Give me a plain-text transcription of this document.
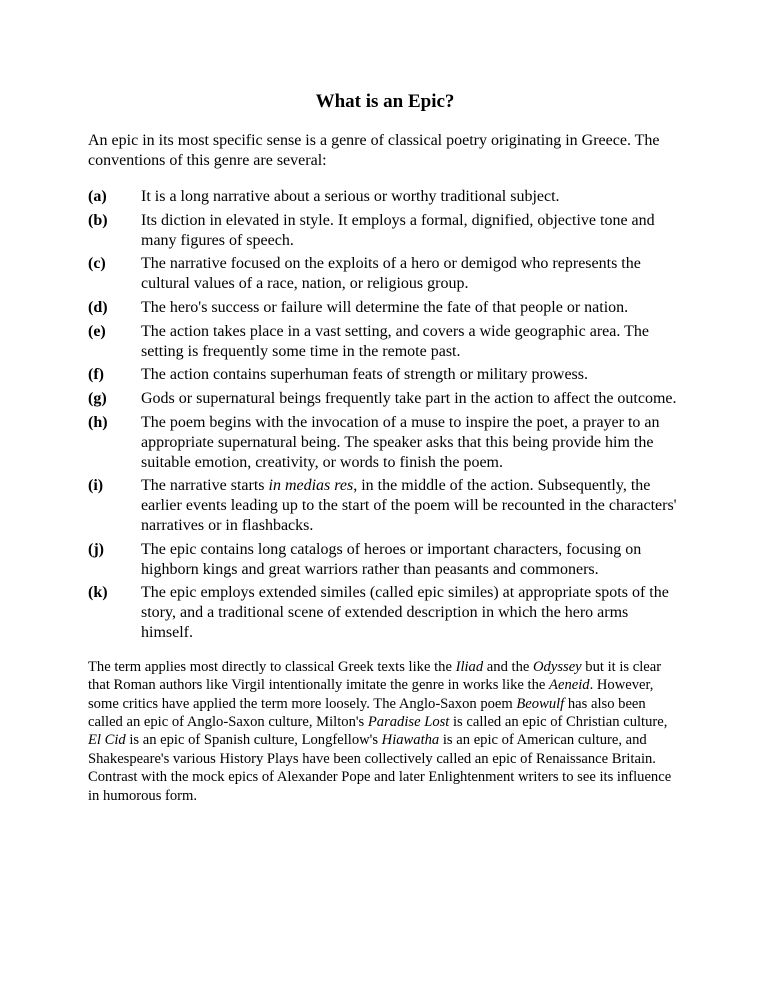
What is an Epic?

An epic in its most specific sense is a genre of classical poetry originating in Greece. The conventions of this genre are several:

(a)	It is a long narrative about a serious or worthy traditional subject.
(b)	Its diction in elevated in style. It employs a formal, dignified, objective tone and many figures of speech.
(c)	The narrative focused on the exploits of a hero or demigod who represents the cultural values of a race, nation, or religious group.
(d)	The hero's success or failure will determine the fate of that people or nation.
(e)	The action takes place in a vast setting, and covers a wide geographic area. The setting is frequently some time in the remote past.
(f)	The action contains superhuman feats of strength or military prowess.
(g)	Gods or supernatural beings frequently take part in the action to affect the outcome.
(h)	The poem begins with the invocation of a muse to inspire the poet, a prayer to an appropriate supernatural being. The speaker asks that this being provide him the suitable emotion, creativity, or words to finish the poem.
(i)	The narrative starts in medias res, in the middle of the action. Subsequently, the earlier events leading up to the start of the poem will be recounted in the characters' narratives or in flashbacks.
(j)	The epic contains long catalogs of heroes or important characters, focusing on highborn kings and great warriors rather than peasants and commoners.
(k)	The epic employs extended similes (called epic similes) at appropriate spots of the story, and a traditional scene of extended description in which the hero arms himself.

The term applies most directly to classical Greek texts like the Iliad and the Odyssey but it is clear that Roman authors like Virgil intentionally imitate the genre in works like the Aeneid. However, some critics have applied the term more loosely. The Anglo-Saxon poem Beowulf has also been called an epic of Anglo-Saxon culture, Milton's Paradise Lost is called an epic of Christian culture, El Cid is an epic of Spanish culture, Longfellow's Hiawatha is an epic of American culture, and Shakespeare's various History Plays have been collectively called an epic of Renaissance Britain. Contrast with the mock epics of Alexander Pope and later Enlightenment writers to see its influence in humorous form.
